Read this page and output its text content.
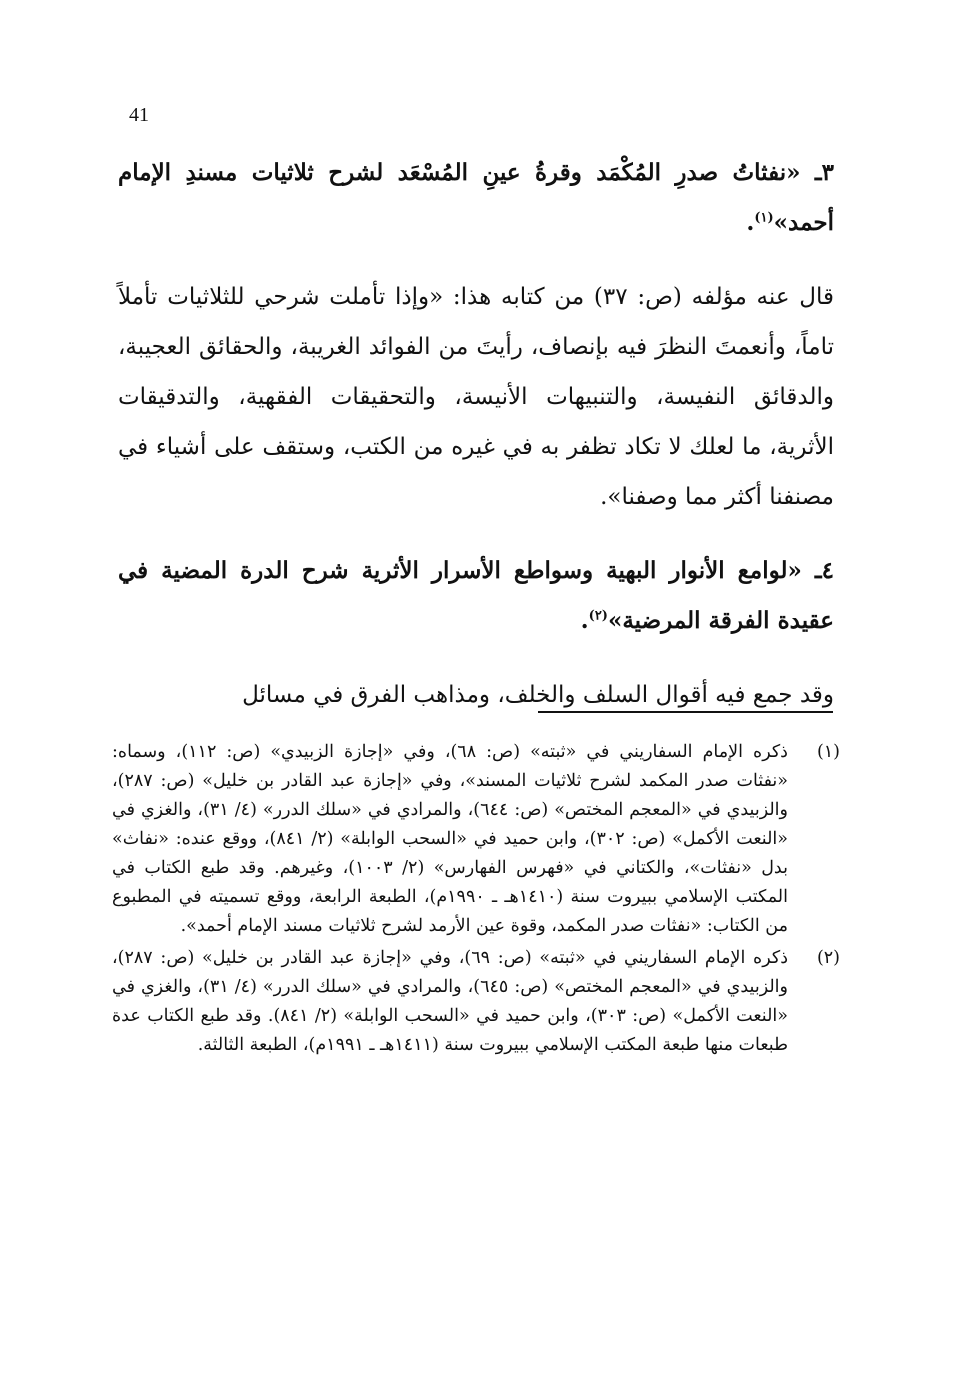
41

٣ـ «نفثاتُ صدرِ المُكْمَد وقرةُ عينِ المُسْعَد لشرح ثلاثيات مسندِ الإمام أحمد»$^{(١)}$.

قال عنه مؤلفه (ص: ٣٧) من كتابه هذا: «وإذا تأملت شرحي للثلاثيات تأملاً تاماً، وأنعمتَ النظرَ فيه بإنصاف، رأيتَ من الفوائد الغريبة، والحقائق العجيبة، والدقائق النفيسة، والتنبيهات الأنيسة، والتحقيقات الفقهية، والتدقيقات الأثرية، ما لعلك لا تكاد تظفر به في غيره من الكتب، وستقف على أشياء في مصنفنا أكثر مما وصفنا».

٤ـ «لوامع الأنوار البهية وسواطع الأسرار الأثرية شرح الدرة المضية في عقيدة الفرقة المرضية»$^{(٢)}$.

وقد جمع فيه أقوال السلف والخلف، ومذاهب الفرق في مسائل

(١)
ذكره الإمام السفاريني في «ثبته» (ص: ٦٨)، وفي «إجازة الزبيدي» (ص: ١١٢)، وسماه: «نفثات صدر المكمد لشرح ثلاثيات المسند»، وفي «إجازة عبد القادر بن خليل» (ص: ٢٨٧)، والزبيدي في «المعجم المختص» (ص: ٦٤٤)، والمرادي في «سلك الدرر» (٤/ ٣١)، والغزي في «النعت الأكمل» (ص: ٣٠٢)، وابن حميد في «السحب الوابلة» (٢/ ٨٤١)، ووقع عنده: «نفاث» بدل «نفثات»، والكتاني في «فهرس الفهارس» (٢/ ١٠٠٣)، وغيرهم. وقد طبع الكتاب في المكتب الإسلامي ببيروت سنة (١٤١٠هـ ـ ١٩٩٠م)، الطبعة الرابعة، ووقع تسميته في المطبوع من الكتاب: «نفثات صدر المكمد، وقوة عين الأرمد لشرح ثلاثيات مسند الإمام أحمد».
(٢)
ذكره الإمام السفاريني في «ثبته» (ص: ٦٩)، وفي «إجازة عبد القادر بن خليل» (ص: ٢٨٧)، والزبيدي في «المعجم المختص» (ص: ٦٤٥)، والمرادي في «سلك الدرر» (٤/ ٣١)، والغزي في «النعت الأكمل» (ص: ٣٠٣)، وابن حميد في «السحب الوابلة» (٢/ ٨٤١). وقد طبع الكتاب عدة طبعات منها طبعة المكتب الإسلامي ببيروت سنة (١٤١١هـ ـ ١٩٩١م)، الطبعة الثالثة.
